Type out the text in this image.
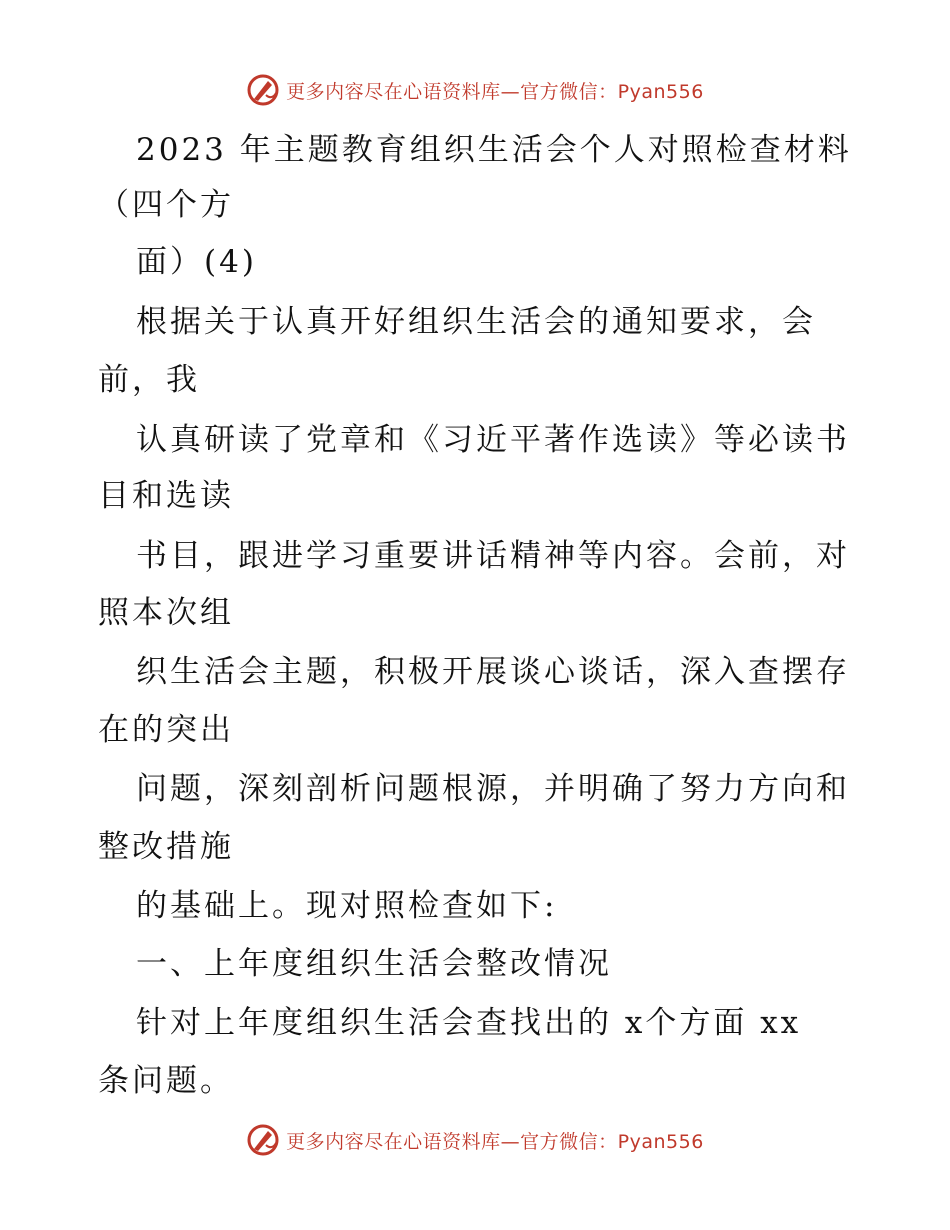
更多内容尽在心语资料库—官方微信：Pyan556
2023 年主题教育组织生活会个人对照检查材料
（四个方
面）(4)
根据关于认真开好组织生活会的通知要求，会
前，我
认真研读了党章和《习近平著作选读》等必读书
目和选读
书目，跟进学习重要讲话精神等内容。会前，对
照本次组
织生活会主题，积极开展谈心谈话，深入查摆存
在的突出
问题，深刻剖析问题根源，并明确了努力方向和
整改措施
的基础上。现对照检查如下:
一、上年度组织生活会整改情况
针对上年度组织生活会查找出的 x个方面 xx
条问题。
更多内容尽在心语资料库—官方微信：Pyan556
